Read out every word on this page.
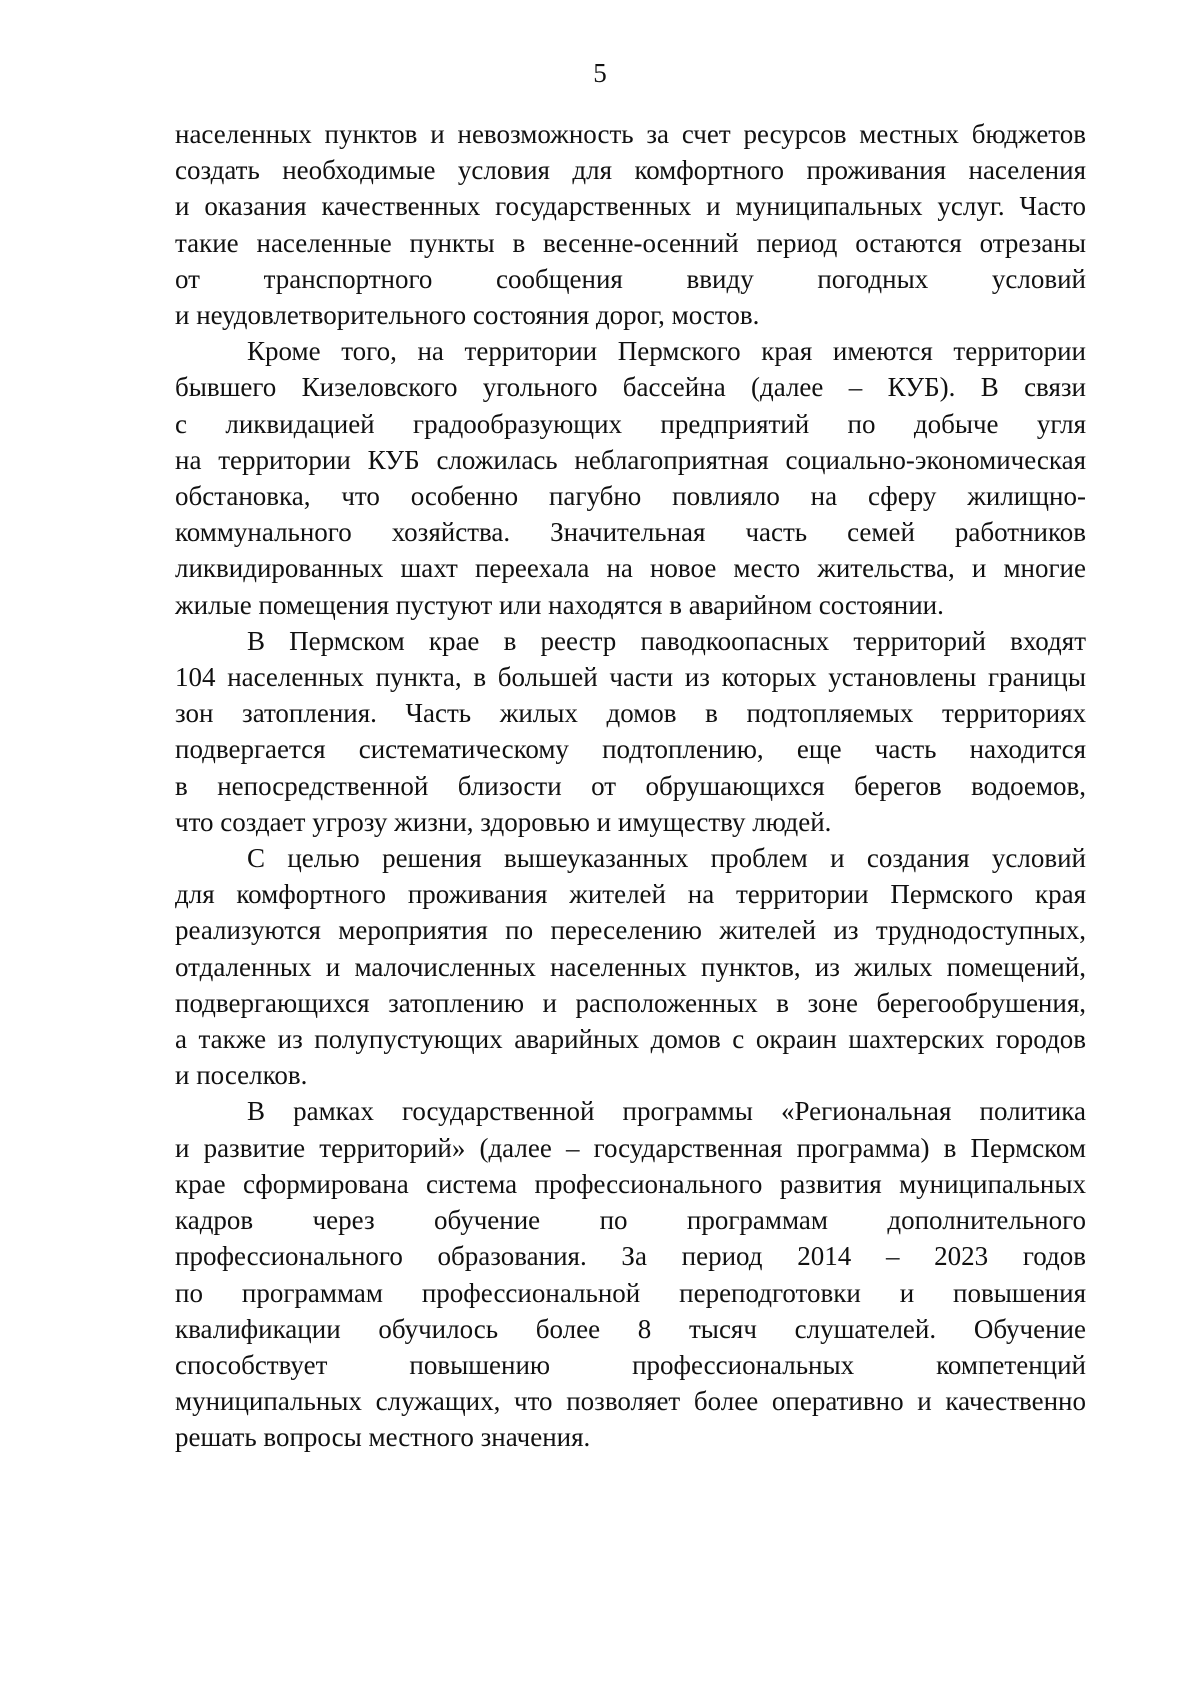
5
населенных пунктов и невозможность за счет ресурсов местных бюджетов
создать необходимые условия для комфортного проживания населения
и оказания качественных государственных и муниципальных услуг. Часто
такие населенные пункты в весенне-осенний период остаются отрезаны
от транспортного сообщения ввиду погодных условий
и неудовлетворительного состояния дорог, мостов.
Кроме того, на территории Пермского края имеются территории
бывшего Кизеловского угольного бассейна (далее – КУБ). В связи
с ликвидацией градообразующих предприятий по добыче угля
на территории КУБ сложилась неблагоприятная социально-экономическая
обстановка, что особенно пагубно повлияло на сферу жилищно-
коммунального хозяйства. Значительная часть семей работников
ликвидированных шахт переехала на новое место жительства, и многие
жилые помещения пустуют или находятся в аварийном состоянии.
В Пермском крае в реестр паводкоопасных территорий входят
104 населенных пункта, в большей части из которых установлены границы
зон затопления. Часть жилых домов в подтопляемых территориях
подвергается систематическому подтоплению, еще часть находится
в непосредственной близости от обрушающихся берегов водоемов,
что создает угрозу жизни, здоровью и имуществу людей.
С целью решения вышеуказанных проблем и создания условий
для комфортного проживания жителей на территории Пермского края
реализуются мероприятия по переселению жителей из труднодоступных,
отдаленных и малочисленных населенных пунктов, из жилых помещений,
подвергающихся затоплению и расположенных в зоне берегообрушения,
а также из полупустующих аварийных домов с окраин шахтерских городов
и поселков.
В рамках государственной программы «Региональная политика
и развитие территорий» (далее – государственная программа) в Пермском
крае сформирована система профессионального развития муниципальных
кадров через обучение по программам дополнительного
профессионального образования. За период 2014 – 2023 годов
по программам профессиональной переподготовки и повышения
квалификации обучилось более 8 тысяч слушателей. Обучение
способствует повышению профессиональных компетенций
муниципальных служащих, что позволяет более оперативно и качественно
решать вопросы местного значения.
